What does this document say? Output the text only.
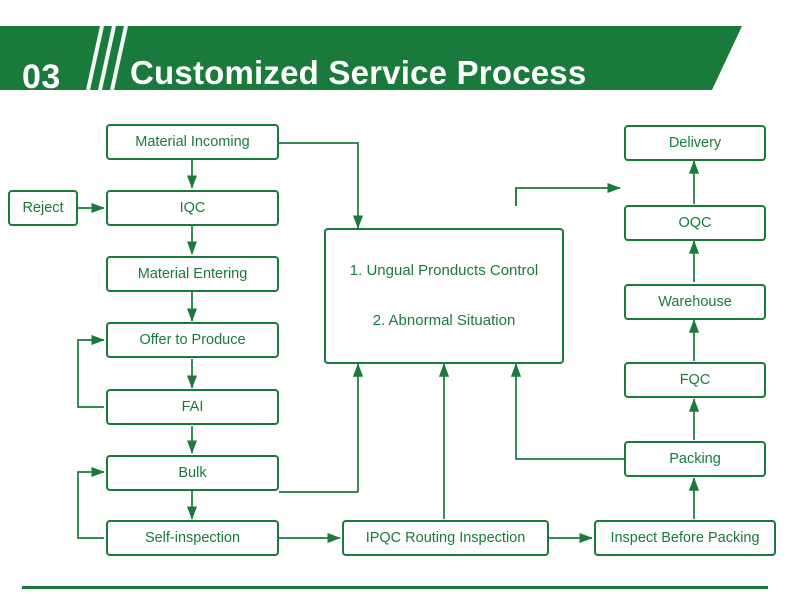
03 Customized Service Process
Reject
Material Incoming
IQC
Material Entering
Offer to Produce
FAI
Bulk
Self-inspection	IPQC Routing Inspection	Inspect Before Packing
Packing
FQC
Warehouse
OQC
Delivery
1. Ungual Pronducts Control
2. Abnormal Situation
